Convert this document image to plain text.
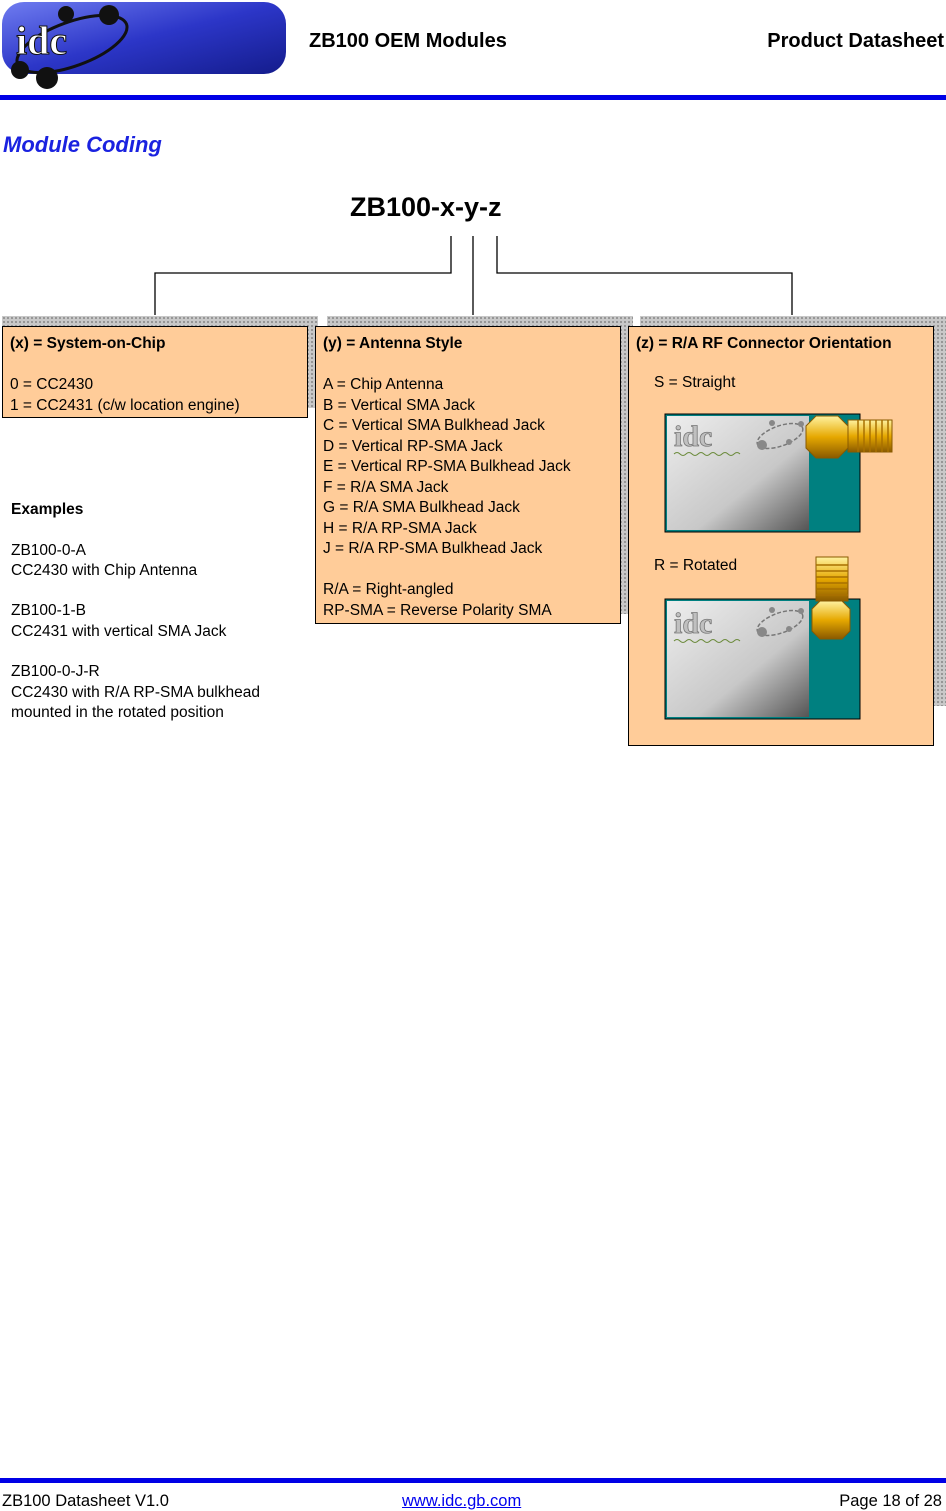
idc	ZB100 OEM Modules	Product Datasheet
Module Coding
ZB100-x-y-z
(x) = System-on-Chip

0 = CC2430
1 = CC2431 (c/w location engine)
(y) = Antenna Style

A = Chip Antenna
B = Vertical SMA Jack
C = Vertical SMA Bulkhead Jack
D = Vertical RP-SMA Jack
E = Vertical RP-SMA Bulkhead Jack
F = R/A SMA Jack
G = R/A SMA Bulkhead Jack
H = R/A RP-SMA Jack
J = R/A RP-SMA Bulkhead Jack

R/A = Right-angled
RP-SMA = Reverse Polarity SMA
(z) = R/A RF Connector Orientation
S = Straight
R = Rotated
idc
idc
Examples

ZB100-0-A
CC2430 with Chip Antenna

ZB100-1-B
CC2431 with vertical SMA Jack

ZB100-0-J-R
CC2430 with R/A RP-SMA bulkhead
mounted in the rotated position
ZB100 Datasheet V1.0	www.idc.gb.com	Page 18 of 28
